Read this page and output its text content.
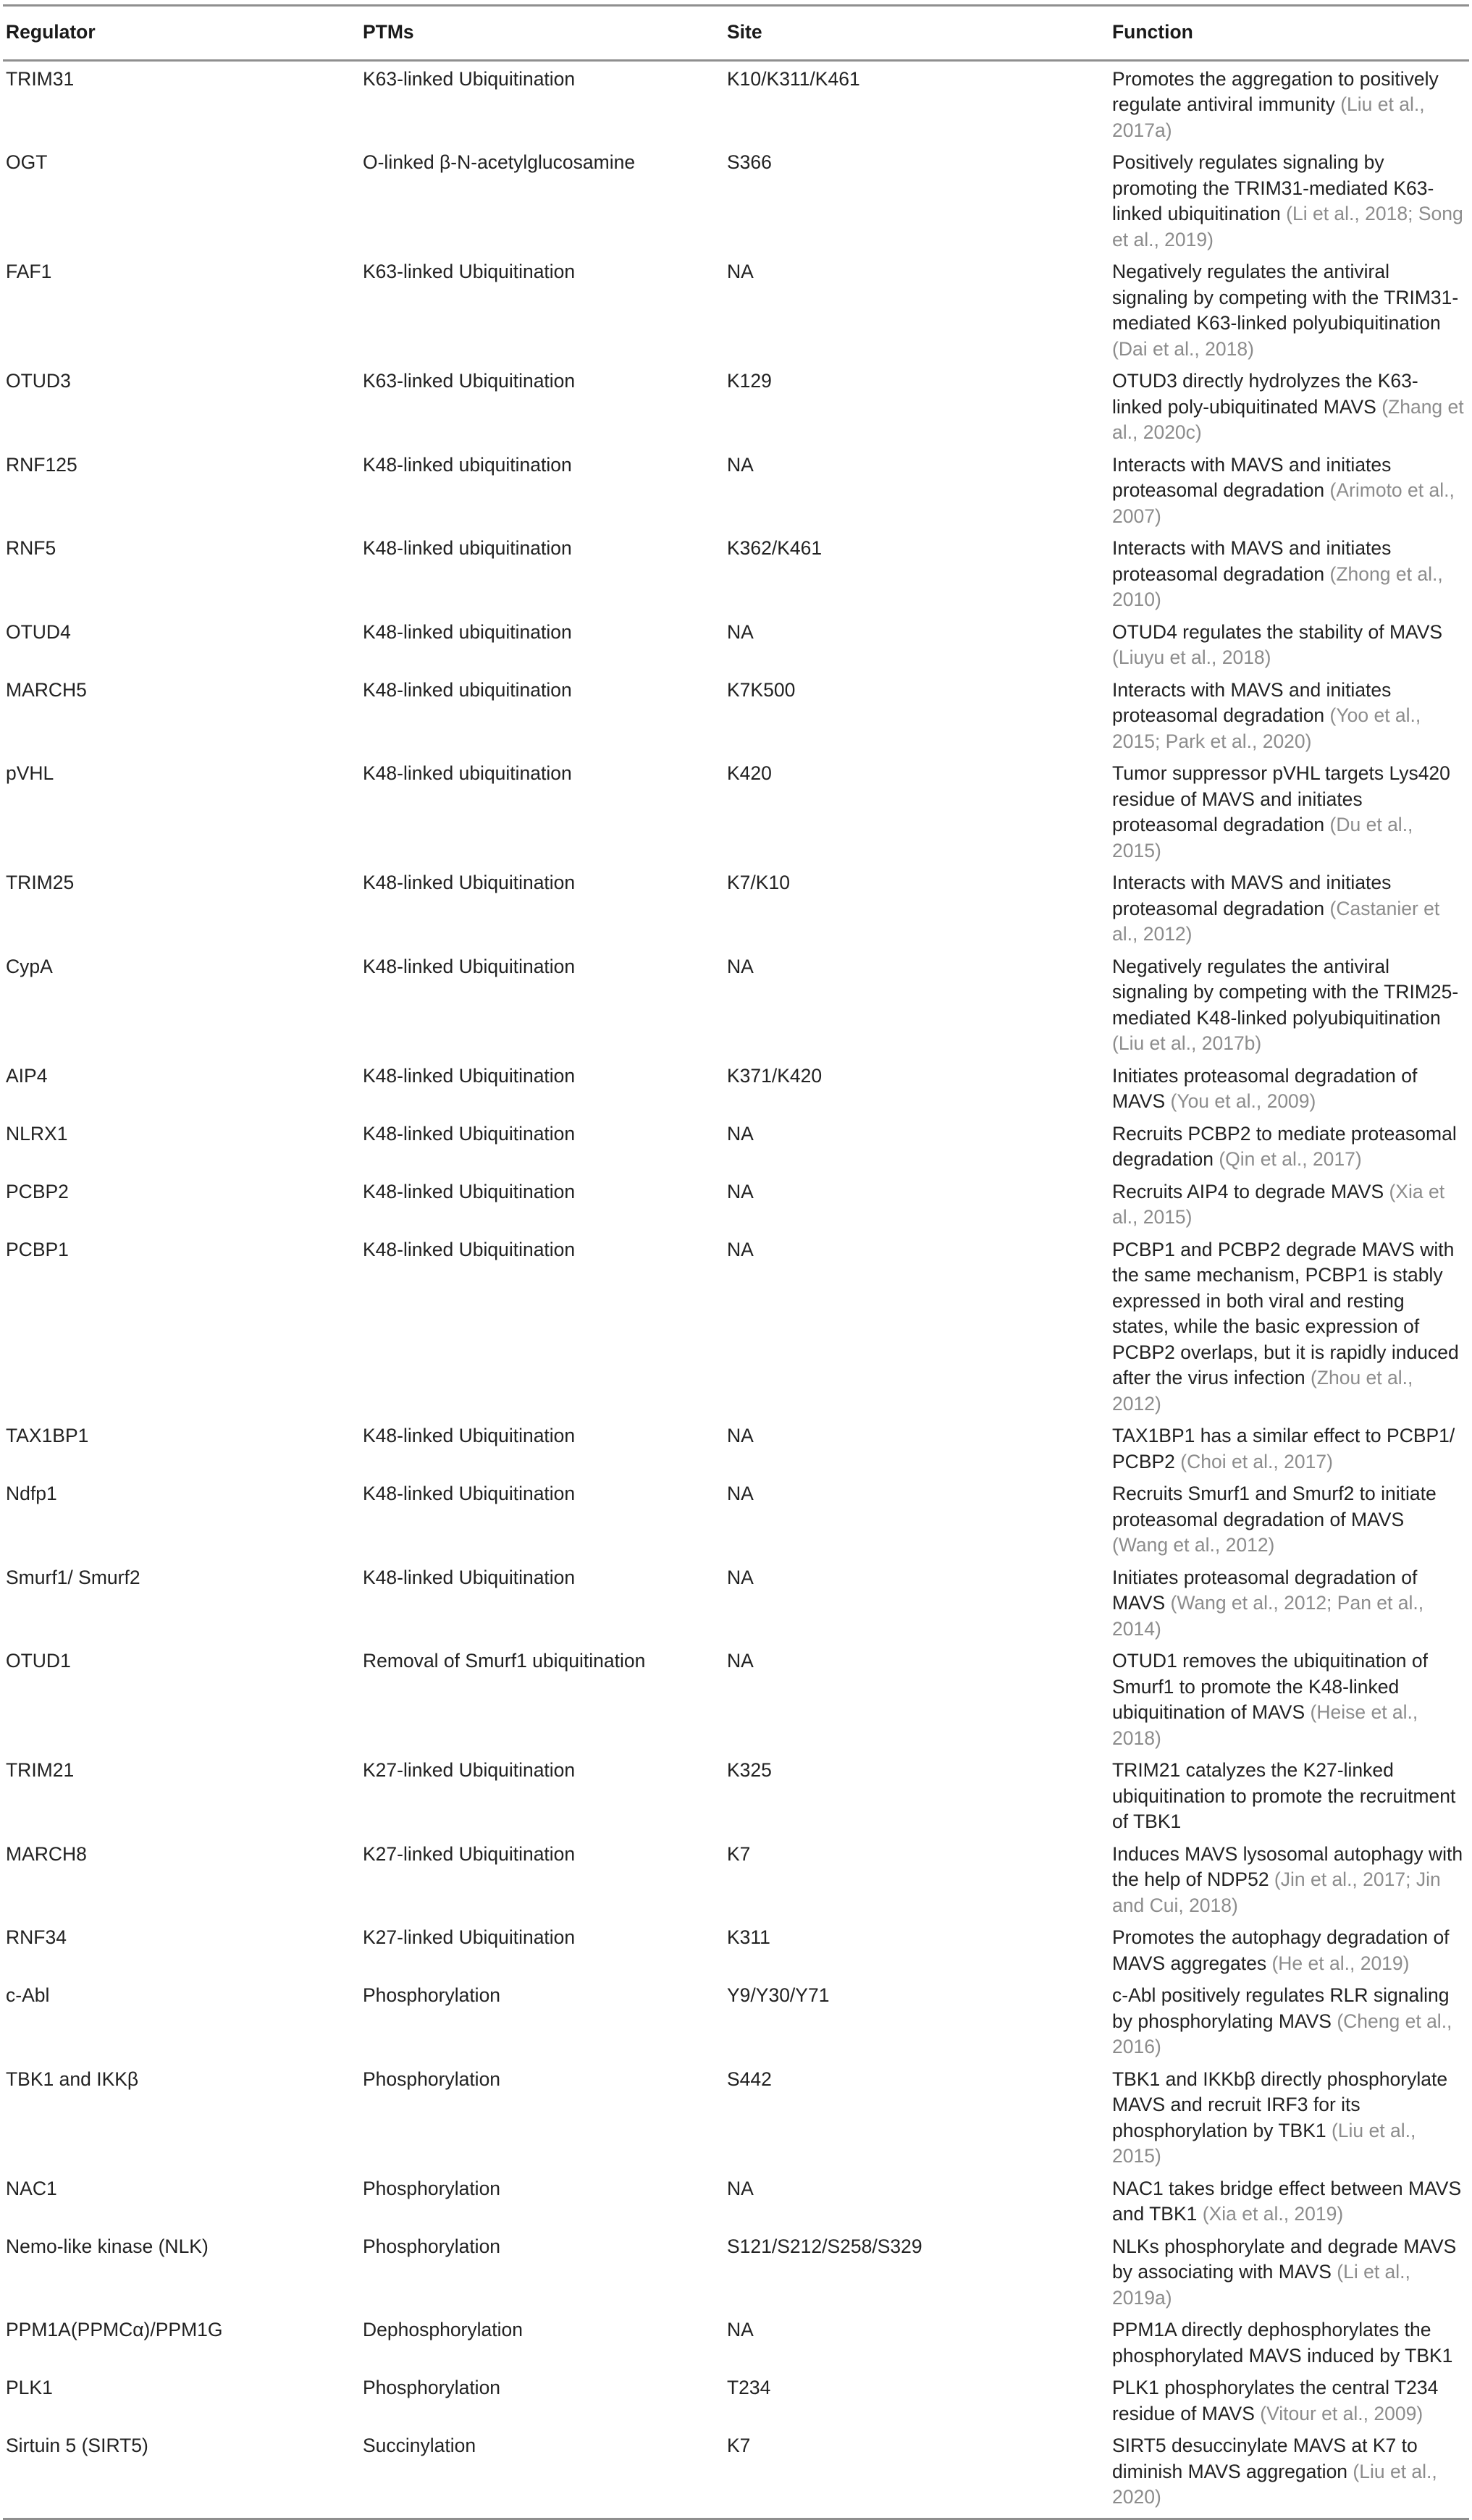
Regulator	PTMs	Site	Function
TRIM31	K63-linked Ubiquitination	K10/K311/K461	Promotes the aggregation to positively regulate antiviral immunity (Liu et al., 2017a)
OGT	O-linked β-N-acetylglucosamine	S366	Positively regulates signaling by promoting the TRIM31-mediated K63-linked ubiquitination (Li et al., 2018; Song et al., 2019)
FAF1	K63-linked Ubiquitination	NA	Negatively regulates the antiviral signaling by competing with the TRIM31-mediated K63-linked polyubiquitination (Dai et al., 2018)
OTUD3	K63-linked Ubiquitination	K129	OTUD3 directly hydrolyzes the K63-linked poly-ubiquitinated MAVS (Zhang et al., 2020c)
RNF125	K48-linked ubiquitination	NA	Interacts with MAVS and initiates proteasomal degradation (Arimoto et al., 2007)
RNF5	K48-linked ubiquitination	K362/K461	Interacts with MAVS and initiates proteasomal degradation (Zhong et al., 2010)
OTUD4	K48-linked ubiquitination	NA	OTUD4 regulates the stability of MAVS (Liuyu et al., 2018)
MARCH5	K48-linked ubiquitination	K7K500	Interacts with MAVS and initiates proteasomal degradation (Yoo et al., 2015; Park et al., 2020)
pVHL	K48-linked ubiquitination	K420	Tumor suppressor pVHL targets Lys420 residue of MAVS and initiates proteasomal degradation (Du et al., 2015)
TRIM25	K48-linked Ubiquitination	K7/K10	Interacts with MAVS and initiates proteasomal degradation (Castanier et al., 2012)
CypA	K48-linked Ubiquitination	NA	Negatively regulates the antiviral signaling by competing with the TRIM25-mediated K48-linked polyubiquitination (Liu et al., 2017b)
AIP4	K48-linked Ubiquitination	K371/K420	Initiates proteasomal degradation of MAVS (You et al., 2009)
NLRX1	K48-linked Ubiquitination	NA	Recruits PCBP2 to mediate proteasomal degradation (Qin et al., 2017)
PCBP2	K48-linked Ubiquitination	NA	Recruits AIP4 to degrade MAVS (Xia et al., 2015)
PCBP1	K48-linked Ubiquitination	NA	PCBP1 and PCBP2 degrade MAVS with the same mechanism, PCBP1 is stably expressed in both viral and resting states, while the basic expression of PCBP2 overlaps, but it is rapidly induced after the virus infection (Zhou et al., 2012)
TAX1BP1	K48-linked Ubiquitination	NA	TAX1BP1 has a similar effect to PCBP1/ PCBP2 (Choi et al., 2017)
Ndfp1	K48-linked Ubiquitination	NA	Recruits Smurf1 and Smurf2 to initiate proteasomal degradation of MAVS (Wang et al., 2012)
Smurf1/ Smurf2	K48-linked Ubiquitination	NA	Initiates proteasomal degradation of MAVS (Wang et al., 2012; Pan et al., 2014)
OTUD1	Removal of Smurf1 ubiquitination	NA	OTUD1 removes the ubiquitination of Smurf1 to promote the K48-linked ubiquitination of MAVS (Heise et al., 2018)
TRIM21	K27-linked Ubiquitination	K325	TRIM21 catalyzes the K27-linked ubiquitination to promote the recruitment of TBK1
MARCH8	K27-linked Ubiquitination	K7	Induces MAVS lysosomal autophagy with the help of NDP52 (Jin et al., 2017; Jin and Cui, 2018)
RNF34	K27-linked Ubiquitination	K311	Promotes the autophagy degradation of MAVS aggregates (He et al., 2019)
c-Abl	Phosphorylation	Y9/Y30/Y71	c-Abl positively regulates RLR signaling by phosphorylating MAVS (Cheng et al., 2016)
TBK1 and IKKβ	Phosphorylation	S442	TBK1 and IKKbβ directly phosphorylate MAVS and recruit IRF3 for its phosphorylation by TBK1 (Liu et al., 2015)
NAC1	Phosphorylation	NA	NAC1 takes bridge effect between MAVS and TBK1 (Xia et al., 2019)
Nemo-like kinase (NLK)	Phosphorylation	S121/S212/S258/S329	NLKs phosphorylate and degrade MAVS by associating with MAVS (Li et al., 2019a)
PPM1A(PPMCα)/PPM1G	Dephosphorylation	NA	PPM1A directly dephosphorylates the phosphorylated MAVS induced by TBK1
PLK1	Phosphorylation	T234	PLK1 phosphorylates the central T234 residue of MAVS (Vitour et al., 2009)
Sirtuin 5 (SIRT5)	Succinylation	K7	SIRT5 desuccinylate MAVS at K7 to diminish MAVS aggregation (Liu et al., 2020)
